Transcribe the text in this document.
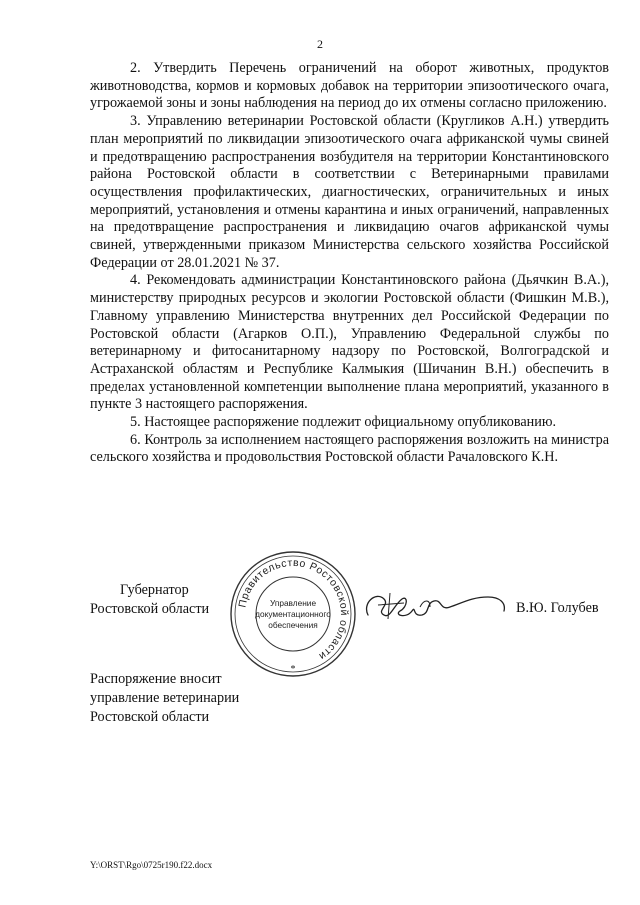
2

2. Утвердить Перечень ограничений на оборот животных, продуктов животноводства, кормов и кормовых добавок на территории эпизоотического очага, угрожаемой зоны и зоны наблюдения на период до их отмены согласно приложению.

3. Управлению ветеринарии Ростовской области (Кругликов А.Н.) утвердить план мероприятий по ликвидации эпизоотического очага африканской чумы свиней и предотвращению распространения возбудителя на территории Константиновского района Ростовской области в соответствии с Ветеринарными правилами осуществления профилактических, диагностических, ограничительных и иных мероприятий, установления и отмены карантина и иных ограничений, направленных на предотвращение распространения и ликвидацию очагов африканской чумы свиней, утвержденными приказом Министерства сельского хозяйства Российской Федерации от 28.01.2021 № 37.

4. Рекомендовать администрации Константиновского района (Дьячкин В.А.), министерству природных ресурсов и экологии Ростовской области (Фишкин М.В.), Главному управлению Министерства внутренних дел Российской Федерации по Ростовской области (Агарков О.П.), Управлению Федеральной службы по ветеринарному и фитосанитарному надзору по Ростовской, Волгоградской и Астраханской областям и Республике Калмыкия (Шичанин В.Н.) обеспечить в пределах установленной компетенции выполнение плана мероприятий, указанного в пункте 3 настоящего распоряжения.

5. Настоящее распоряжение подлежит официальному опубликованию.

6. Контроль за исполнением настоящего распоряжения возложить на министра сельского хозяйства и продовольствия Ростовской области Рачаловского К.Н.

Губернатор
Ростовской области	Правительство Ростовской области
*
Управление
документационного
обеспечения
В.Ю. Голубев
Распоряжение вносит
управление ветеринарии
Ростовской области
Y:\ORST\Rgo\0725r190.f22.docx
